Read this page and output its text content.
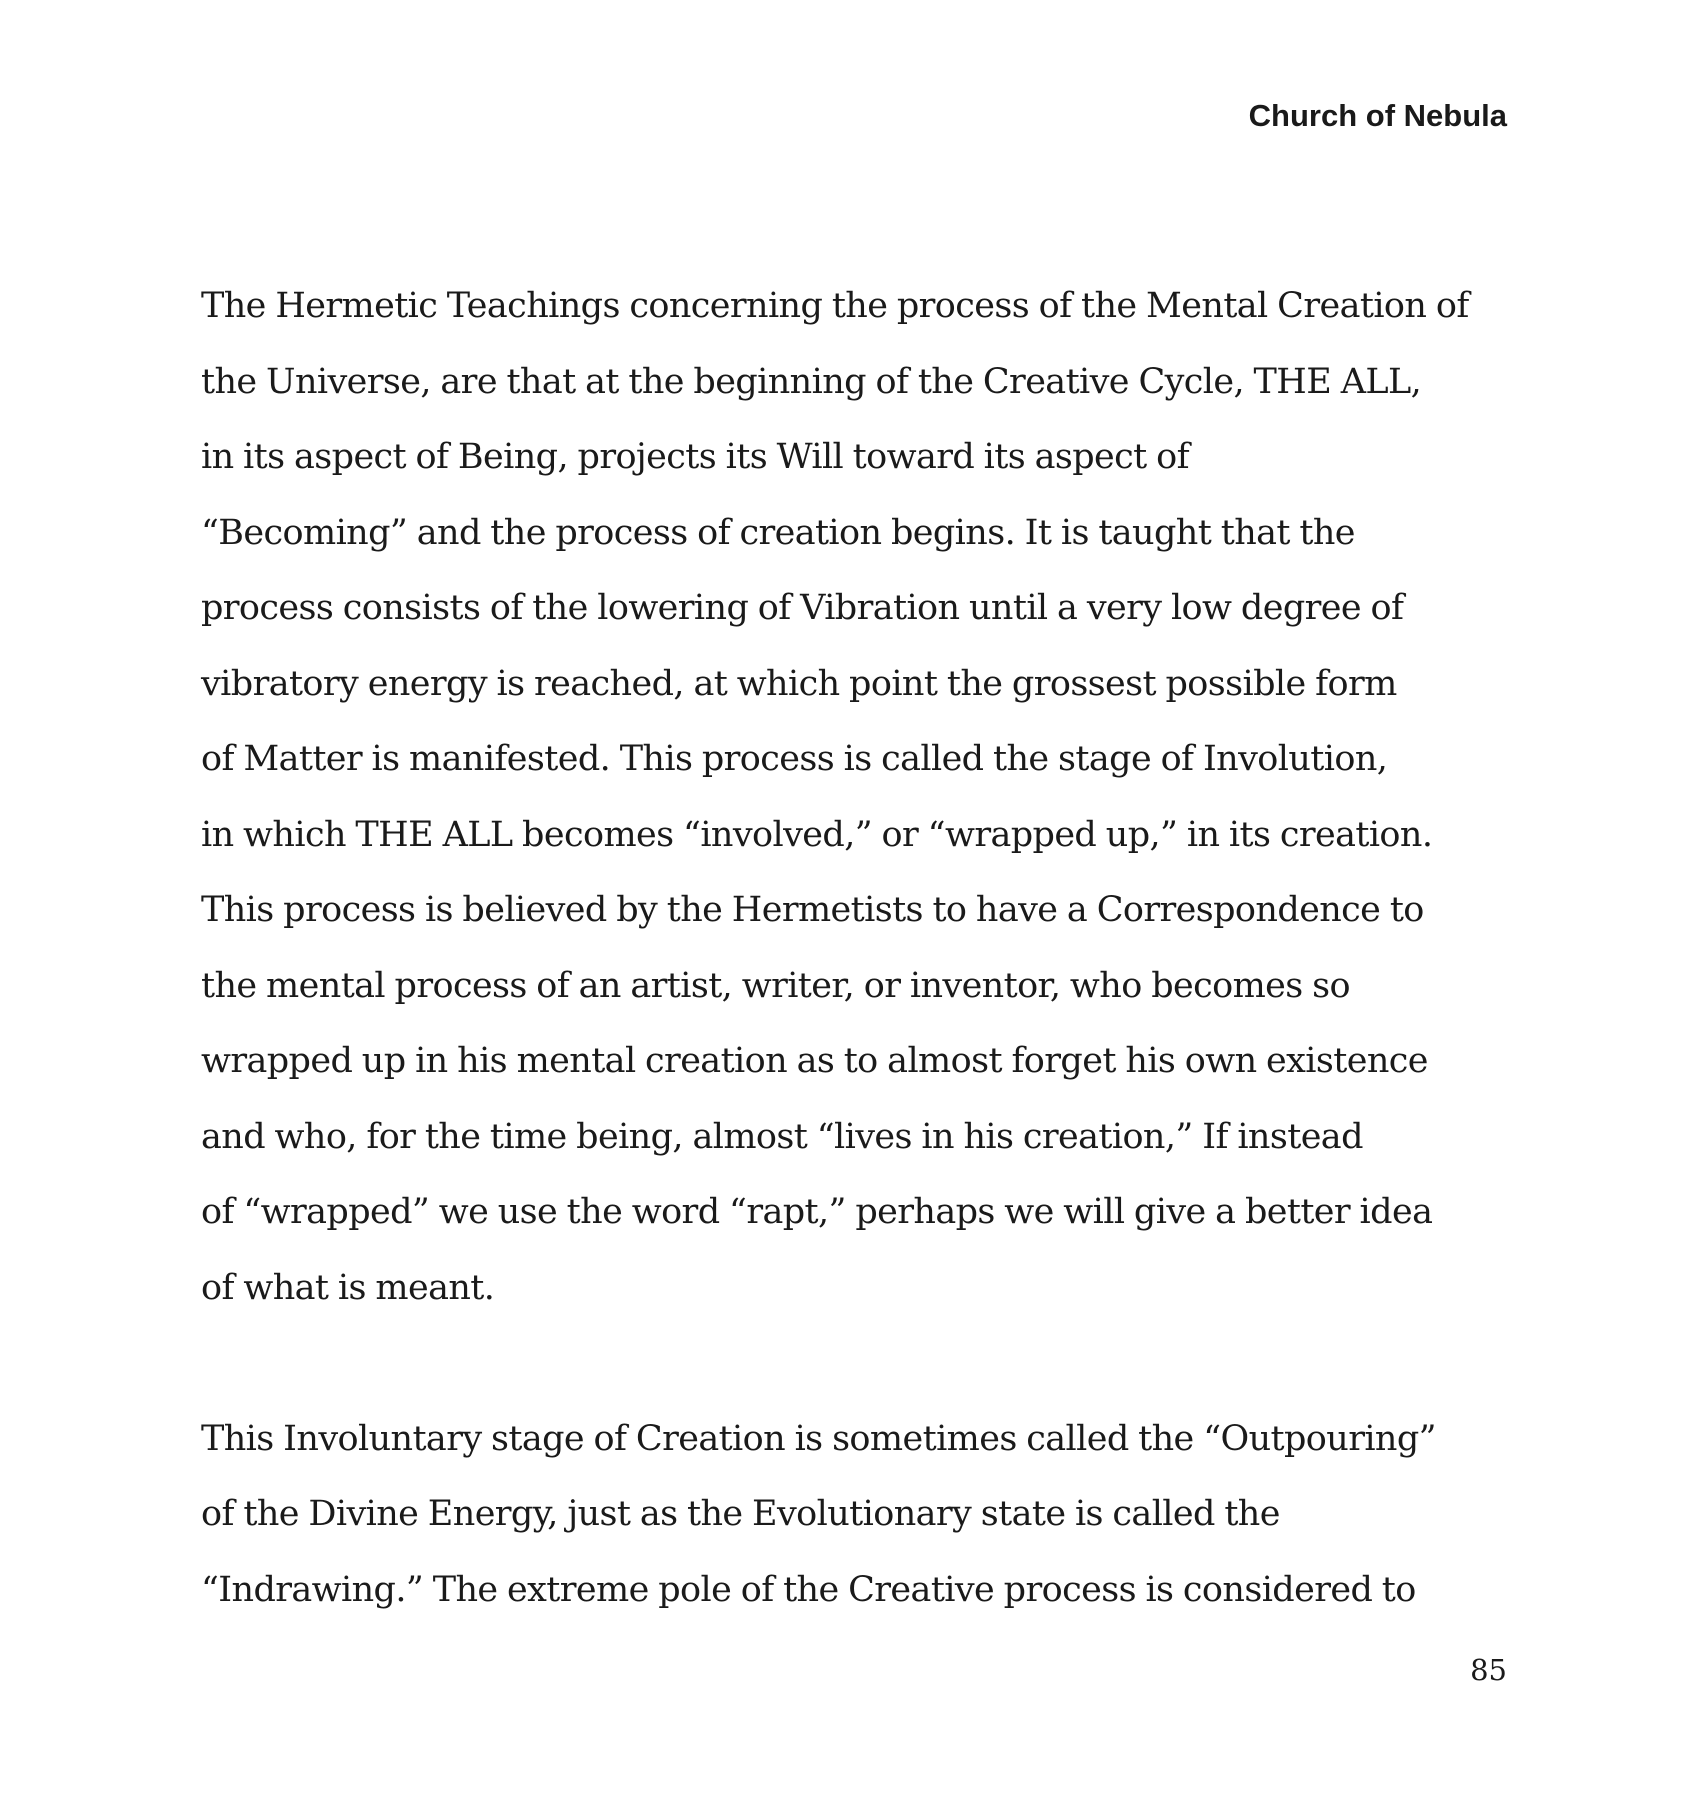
Church of Nebula

The Hermetic Teachings concerning the process of the Mental Creation of
the Universe, are that at the beginning of the Creative Cycle, THE ALL,
in its aspect of Being, projects its Will toward its aspect of
“Becoming” and the process of creation begins. It is taught that the
process consists of the lowering of Vibration until a very low degree of
vibratory energy is reached, at which point the grossest possible form
of Matter is manifested. This process is called the stage of Involution,
in which THE ALL becomes “involved,” or “wrapped up,” in its creation.
This process is believed by the Hermetists to have a Correspondence to
the mental process of an artist, writer, or inventor, who becomes so
wrapped up in his mental creation as to almost forget his own existence
and who, for the time being, almost “lives in his creation,” If instead
of “wrapped” we use the word “rapt,” perhaps we will give a better idea
of what is meant.

This Involuntary stage of Creation is sometimes called the “Outpouring”
of the Divine Energy, just as the Evolutionary state is called the
“Indrawing.” The extreme pole of the Creative process is considered to

85
